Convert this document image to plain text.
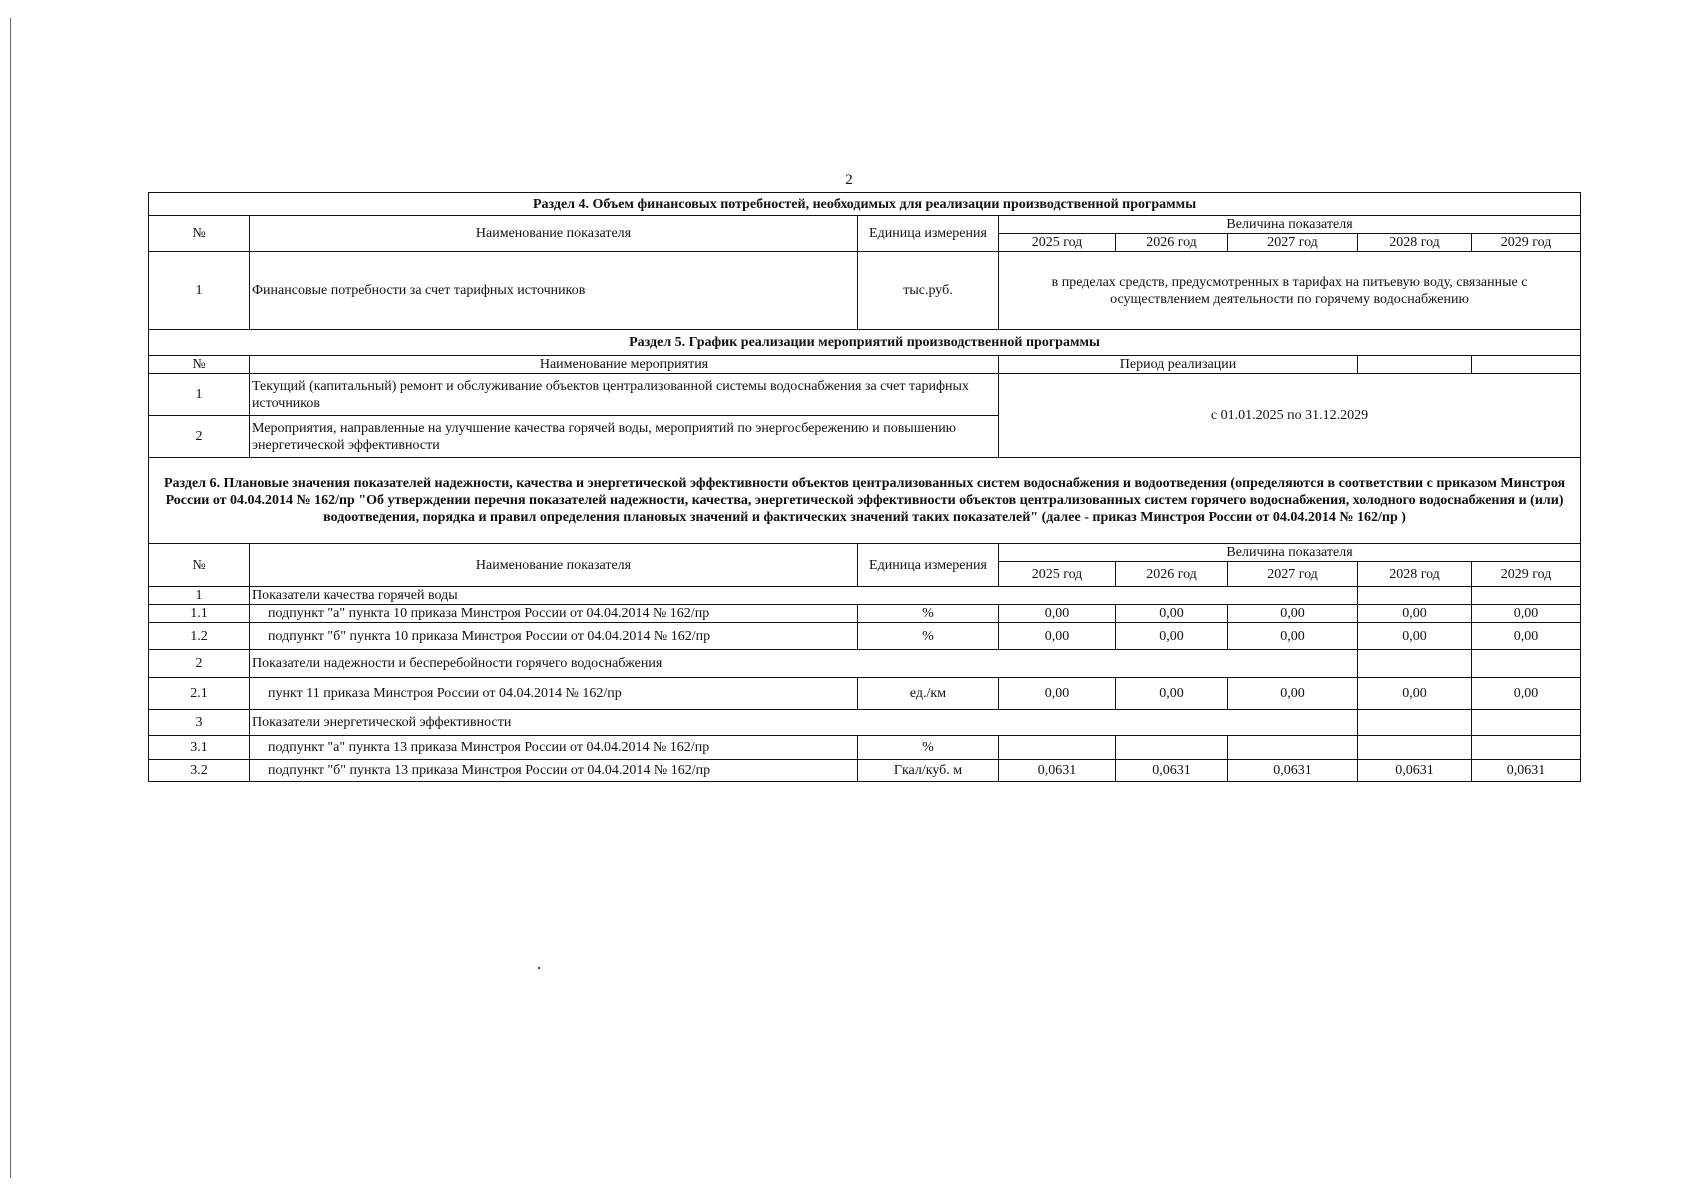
2
Раздел 4. Объем финансовых потребностей, необходимых для реализации производственной программы							
№	Наименование показателя	Единица измерения	Величина показателя				
			2025 год	2026 год	2027 год	2028 год	2029 год
1	Финансовые потребности за счет тарифных источников	тыс.руб.	в пределах средств, предусмотренных в тарифах на питьевую воду, связанные с осуществлением деятельности по горячему водоснабжению				
Раздел 5. График реализации мероприятий производственной программы							
№	Наименование мероприятия		Период реализации				
1	Текущий (капитальный) ремонт и обслуживание объектов централизованной системы водоснабжения за счет тарифных источников		с 01.01.2025 по 31.12.2029				
2	Мероприятия, направленные на улучшение качества горячей воды, мероприятий по энергосбережению и повышению энергетической эффективности						
Раздел 6. Плановые значения показателей надежности, качества и энергетической эффективности объектов централизованных систем водоснабжения и водоотведения (определяются в соответствии с приказом Минстроя России от 04.04.2014 № 162/пр "Об утверждении перечня показателей надежности, качества, энергетической эффективности объектов централизованных систем горячего водоснабжения, холодного водоснабжения и (или) водоотведения, порядка и правил определения плановых значений и фактических значений таких показателей" (далее - приказ Минстроя России от 04.04.2014 № 162/пр )							
№	Наименование показателя	Единица измерения	Величина показателя				
			2025 год	2026 год	2027 год	2028 год	2029 год
1	Показатели качества горячей воды						
1.1	подпункт "а" пункта 10 приказа Минстроя России от 04.04.2014 № 162/пр	%	0,00	0,00	0,00	0,00	0,00
1.2	подпункт "б" пункта 10 приказа Минстроя России от 04.04.2014 № 162/пр	%	0,00	0,00	0,00	0,00	0,00
2	Показатели надежности и бесперебойности горячего водоснабжения						
2.1	пункт 11 приказа Минстроя России от 04.04.2014 № 162/пр	ед./км	0,00	0,00	0,00	0,00	0,00
3	Показатели энергетической эффективности						
3.1	подпункт "а" пункта 13 приказа Минстроя России от 04.04.2014 № 162/пр	%					
3.2	подпункт "б" пункта 13 приказа Минстроя России от 04.04.2014 № 162/пр	Гкал/куб. м	0,0631	0,0631	0,0631	0,0631	0,0631
